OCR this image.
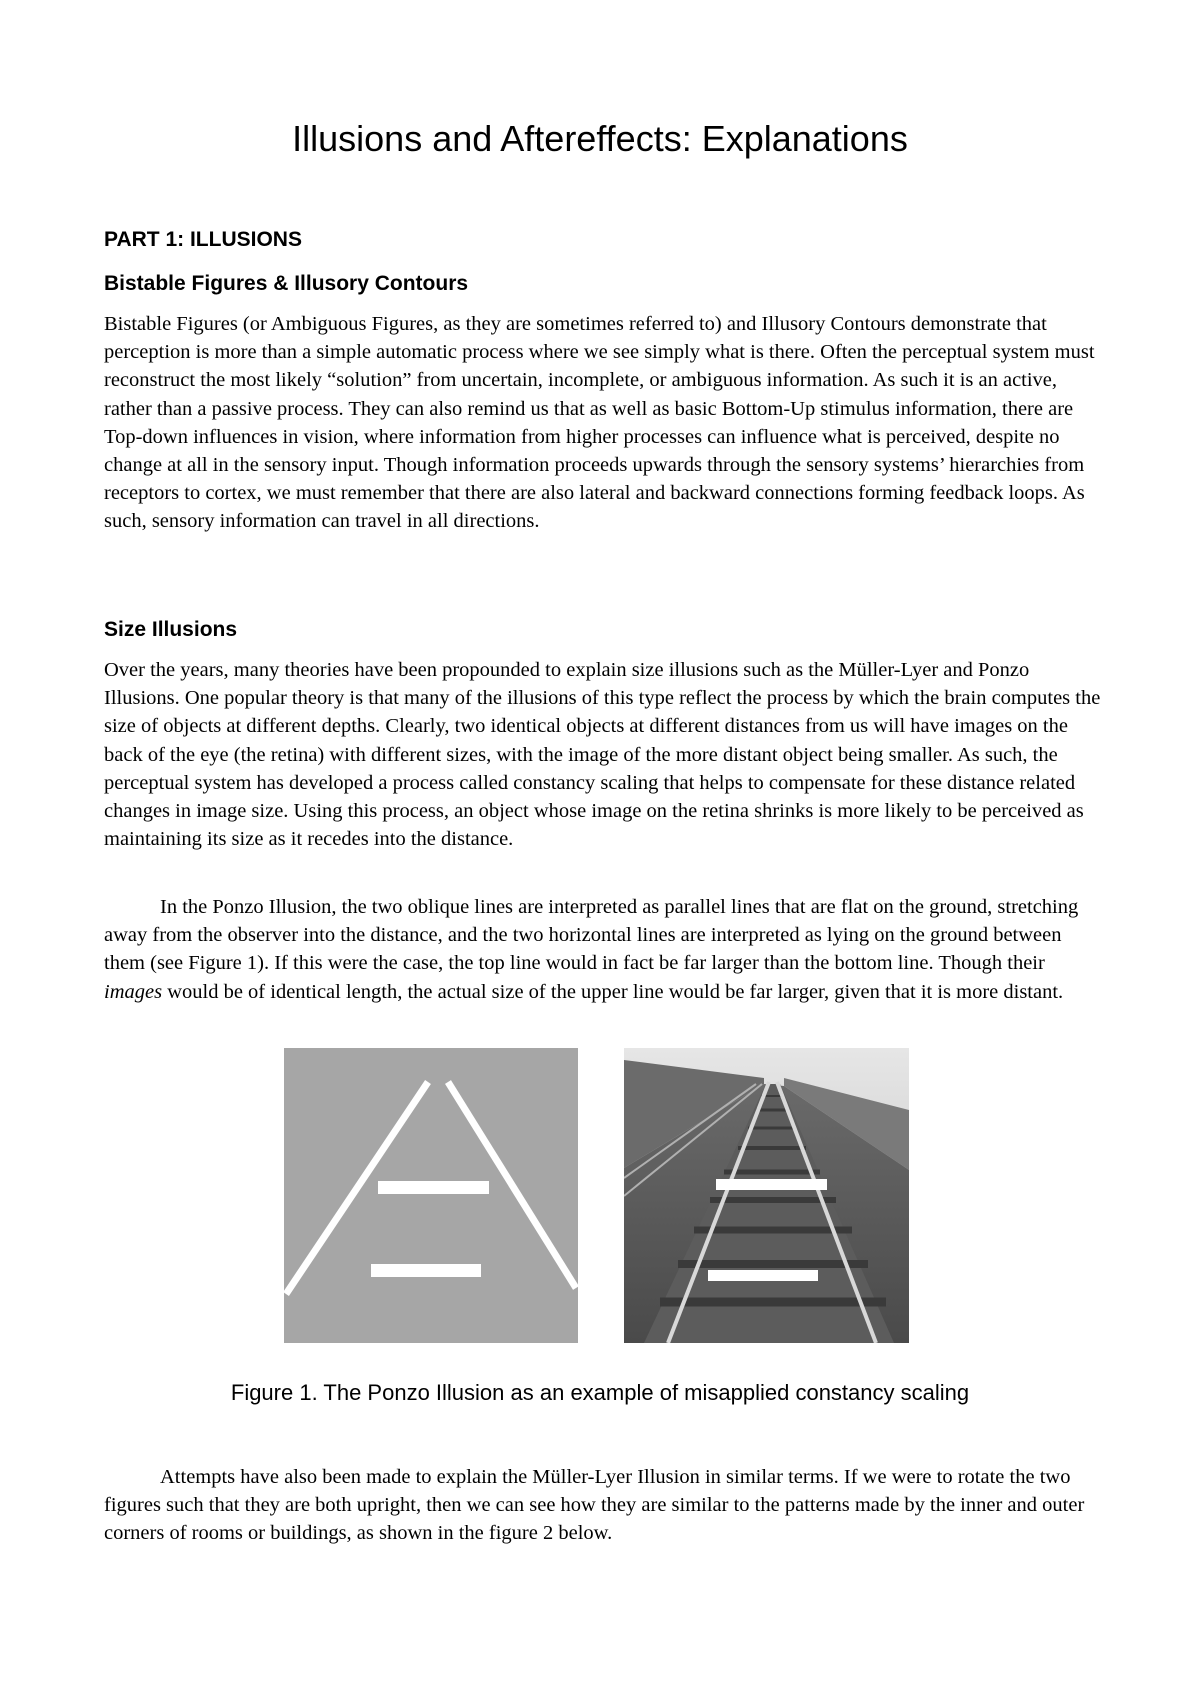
Illusions and Aftereffects: Explanations
PART 1: ILLUSIONS
Bistable Figures & Illusory Contours

Bistable Figures (or Ambiguous Figures, as they are sometimes referred to) and Illusory Contours demonstrate that perception is more than a simple automatic process where we see simply what is there. Often the perceptual system must reconstruct the most likely “solution” from uncertain, incomplete, or ambiguous information. As such it is an active, rather than a passive process. They can also remind us that as well as basic Bottom-Up stimulus information, there are Top-down influences in vision, where information from higher processes can influence what is perceived, despite no change at all in the sensory input. Though information proceeds upwards through the sensory systems’ hierarchies from receptors to cortex, we must remember that there are also lateral and backward connections forming feedback loops. As such, sensory information can travel in all directions.

Size Illusions

Over the years, many theories have been propounded to explain size illusions such as the Müller-Lyer and Ponzo Illusions. One popular theory is that many of the illusions of this type reflect the process by which the brain computes the size of objects at different depths. Clearly, two identical objects at different distances from us will have images on the back of the eye (the retina) with different sizes, with the image of the more distant object being smaller. As such, the perceptual system has developed a process called constancy scaling that helps to compensate for these distance related changes in image size. Using this process, an object whose image on the retina shrinks is more likely to be perceived as maintaining its size as it recedes into the distance.

In the Ponzo Illusion, the two oblique lines are interpreted as parallel lines that are flat on the ground, stretching away from the observer into the distance, and the two horizontal lines are interpreted as lying on the ground between them (see Figure 1). If this were the case, the top line would in fact be far larger than the bottom line. Though their images would be of identical length, the actual size of the upper line would be far larger, given that it is more distant.

Figure 1. The Ponzo Illusion as an example of misapplied constancy scaling

Attempts have also been made to explain the Müller-Lyer Illusion in similar terms. If we were to rotate the two figures such that they are both upright, then we can see how they are similar to the patterns made by the inner and outer corners of rooms or buildings, as shown in the figure 2 below.
